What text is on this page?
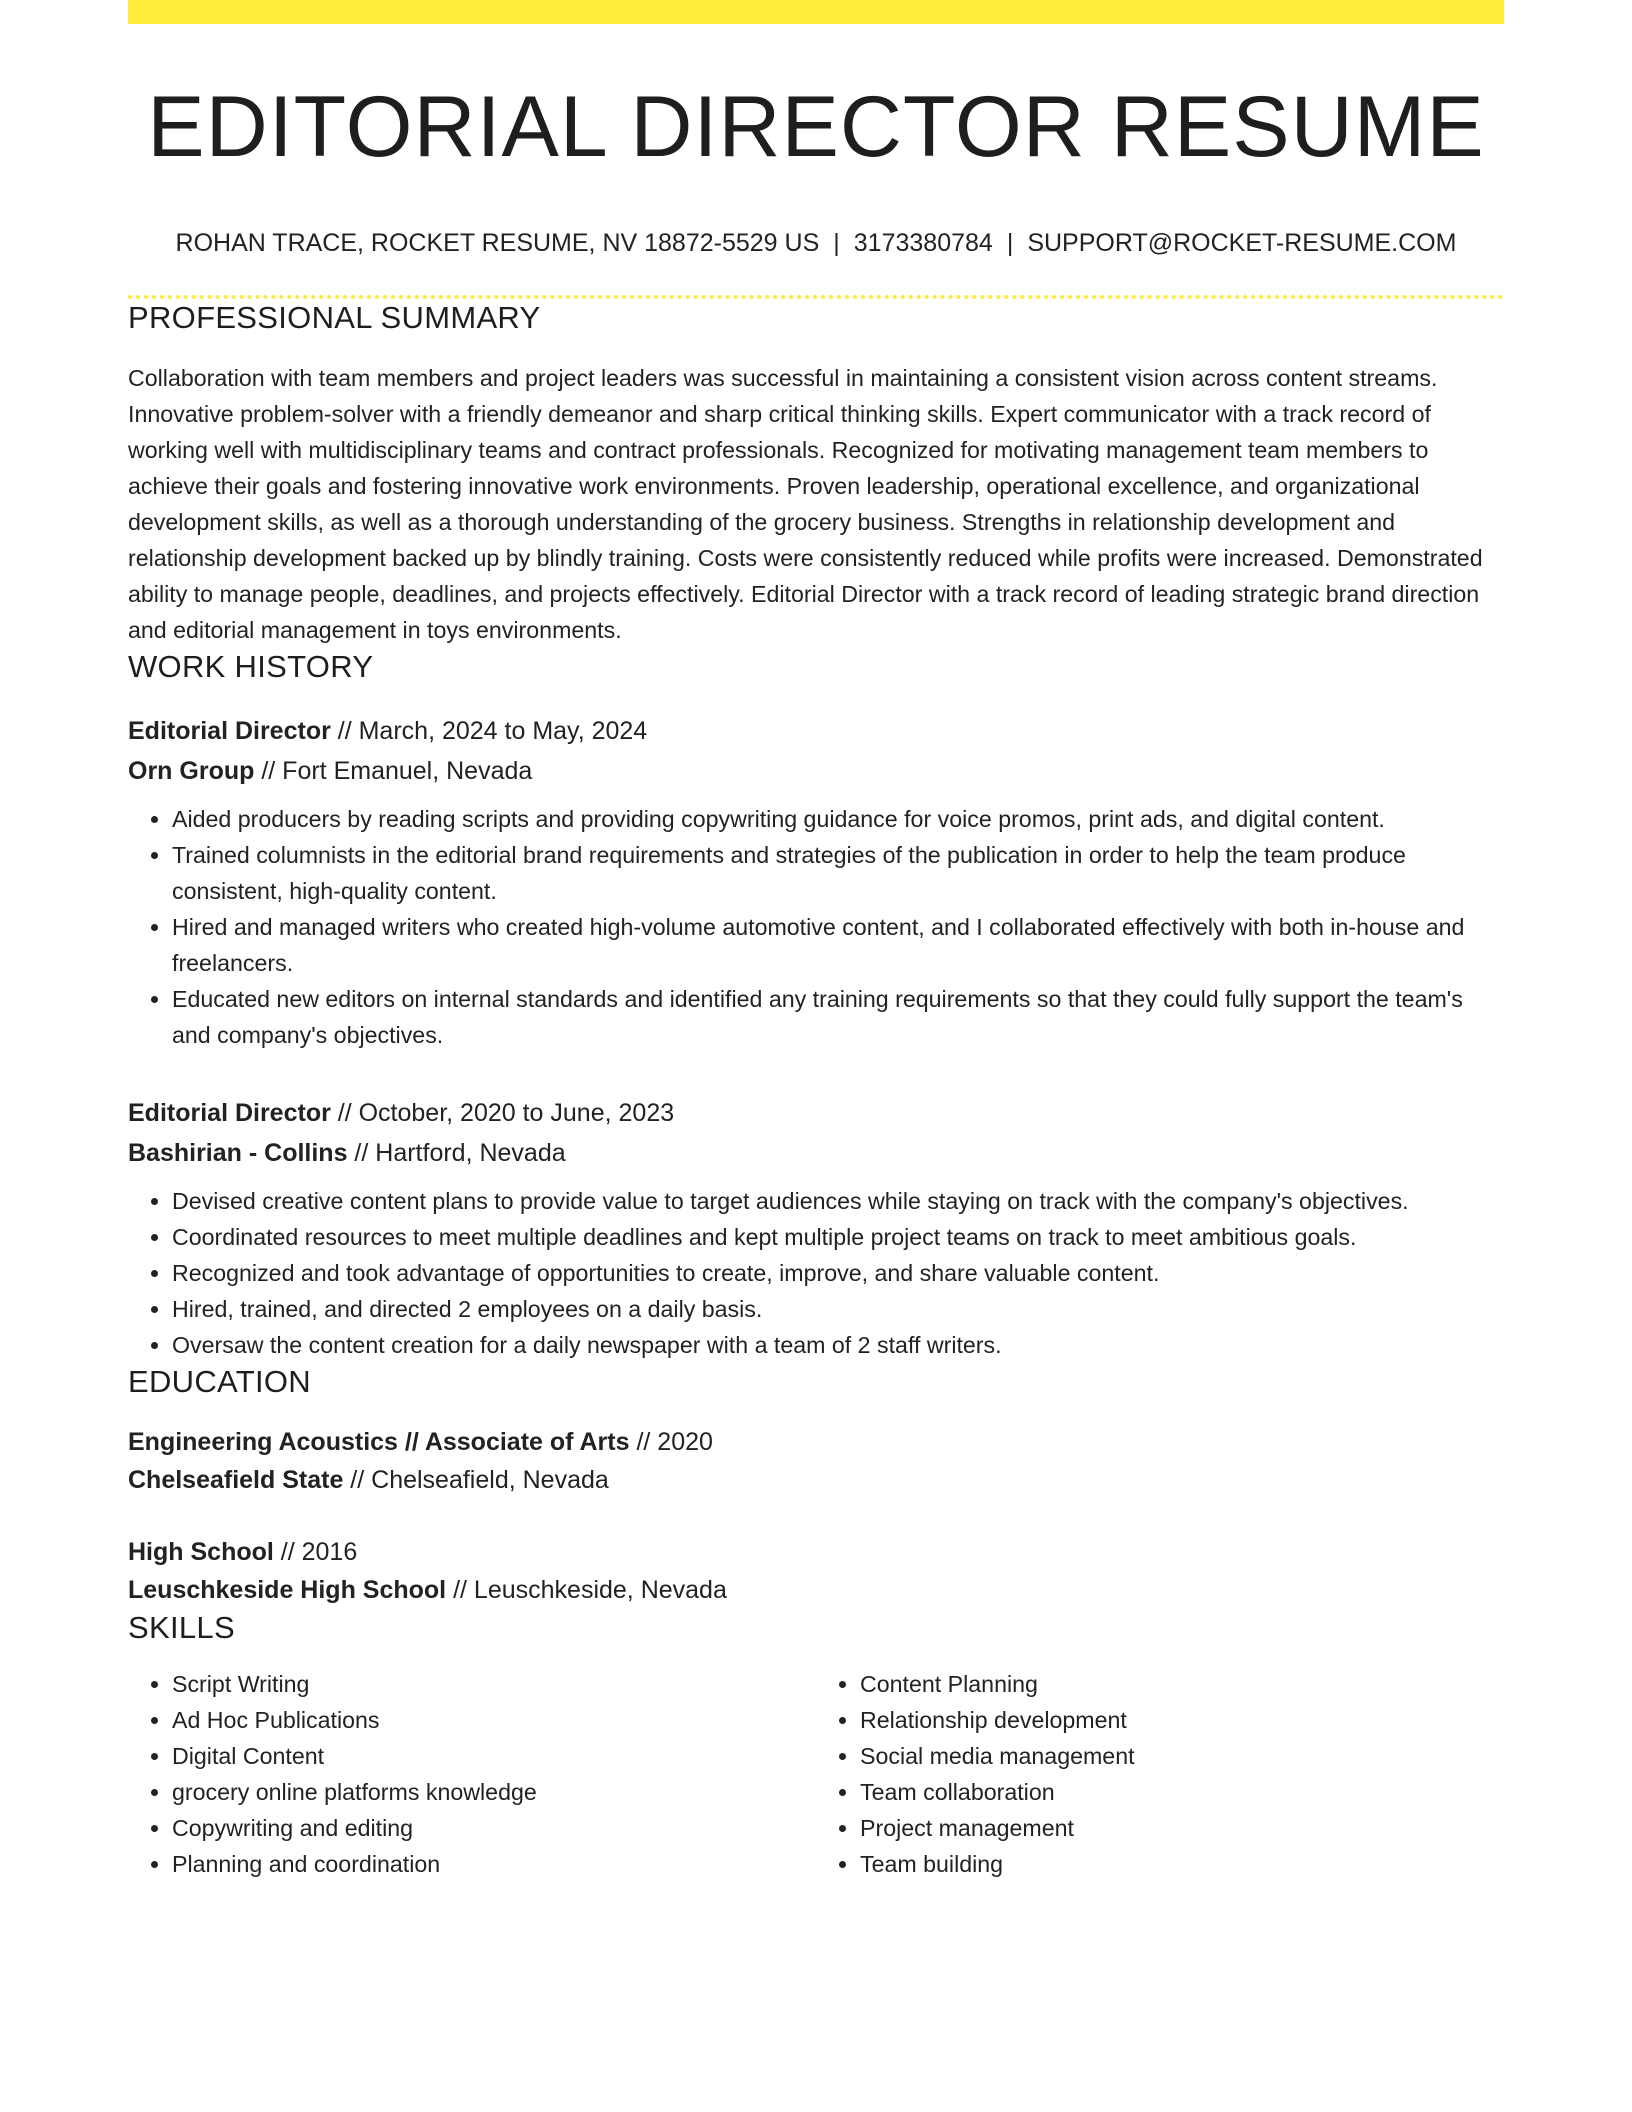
EDITORIAL DIRECTOR RESUME
ROHAN TRACE, ROCKET RESUME, NV 18872-5529 US | 3173380784 | SUPPORT@ROCKET-RESUME.COM
PROFESSIONAL SUMMARY

Collaboration with team members and project leaders was successful in maintaining a consistent vision across content streams. Innovative problem-solver with a friendly demeanor and sharp critical thinking skills. Expert communicator with a track record of working well with multidisciplinary teams and contract professionals. Recognized for motivating management team members to achieve their goals and fostering innovative work environments. Proven leadership, operational excellence, and organizational development skills, as well as a thorough understanding of the grocery business. Strengths in relationship development and relationship development backed up by blindly training. Costs were consistently reduced while profits were increased. Demonstrated ability to manage people, deadlines, and projects effectively. Editorial Director with a track record of leading strategic brand direction and editorial management in toys environments.

WORK HISTORY
Editorial Director // March, 2024 to May, 2024
Orn Group // Fort Emanuel, Nevada
• Aided producers by reading scripts and providing copywriting guidance for voice promos, print ads, and digital content.
• Trained columnists in the editorial brand requirements and strategies of the publication in order to help the team produce consistent, high-quality content.
• Hired and managed writers who created high-volume automotive content, and I collaborated effectively with both in-house and freelancers.
• Educated new editors on internal standards and identified any training requirements so that they could fully support the team's and company's objectives.
Editorial Director // October, 2020 to June, 2023
Bashirian - Collins // Hartford, Nevada
• Devised creative content plans to provide value to target audiences while staying on track with the company's objectives.
• Coordinated resources to meet multiple deadlines and kept multiple project teams on track to meet ambitious goals.
• Recognized and took advantage of opportunities to create, improve, and share valuable content.
• Hired, trained, and directed 2 employees on a daily basis.
• Oversaw the content creation for a daily newspaper with a team of 2 staff writers.
EDUCATION
Engineering Acoustics // Associate of Arts // 2020
Chelseafield State // Chelseafield, Nevada
High School // 2016
Leuschkeside High School // Leuschkeside, Nevada
SKILLS
• Script Writing
• Ad Hoc Publications
• Digital Content
• grocery online platforms knowledge
• Copywriting and editing
• Planning and coordination
• Content Planning
• Relationship development
• Social media management
• Team collaboration
• Project management
• Team building
